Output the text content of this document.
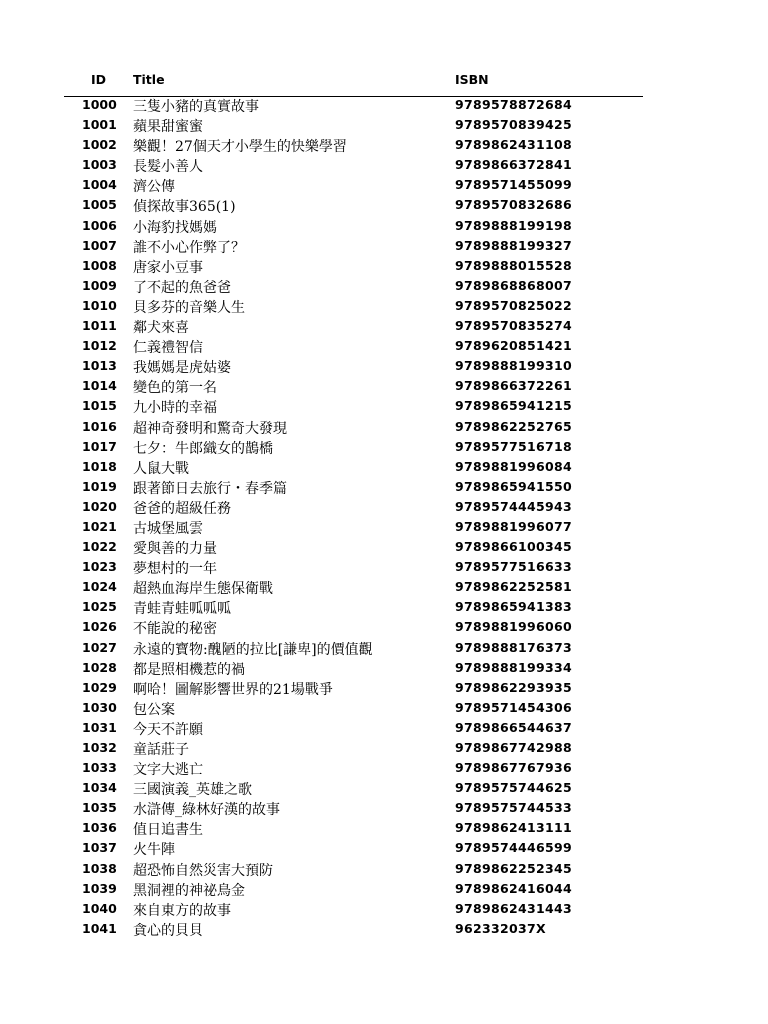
ID Title	ISBN
1000 三隻小豬的真實故事	9789578872684
1001 蘋果甜蜜蜜	9789570839425
1002 樂觀！27個天才小學生的快樂學習	9789862431108
1003 長髮小善人	9789866372841
1004 濟公傳	9789571455099
1005 偵探故事365(1)	9789570832686
1006 小海豹找媽媽	9789888199198
1007 誰不小心作弊了？	9789888199327
1008 唐家小豆事	9789888015528
1009 了不起的魚爸爸	9789868868007
1010 貝多芬的音樂人生	9789570825022
1011 鄰犬來喜	9789570835274
1012 仁義禮智信	9789620851421
1013 我媽媽是虎姑婆	9789888199310
1014 變色的第一名	9789866372261
1015 九小時的幸福	9789865941215
1016 超神奇發明和驚奇大發現	9789862252765
1017 七夕：牛郎織女的鵲橋	9789577516718
1018 人鼠大戰	9789881996084
1019 跟著節日去旅行・春季篇	9789865941550
1020 爸爸的超級任務	9789574445943
1021 古城堡風雲	9789881996077
1022 愛與善的力量	9789866100345
1023 夢想村的一年	9789577516633
1024 超熱血海岸生態保衛戰	9789862252581
1025 青蛙青蛙呱呱呱	9789865941383
1026 不能說的秘密	9789881996060
1027 永遠的寶物:醜陋的拉比[謙卑]的價值觀	9789888176373
1028 都是照相機惹的禍	9789888199334
1029 啊哈！圖解影響世界的21場戰爭	9789862293935
1030 包公案	9789571454306
1031 今天不許願	9789866544637
1032 童話莊子	9789867742988
1033 文字大逃亡	9789867767936
1034 三國演義_英雄之歌	9789575744625
1035 水滸傳_綠林好漢的故事	9789575744533
1036 值日追書生	9789862413111
1037 火牛陣	9789574446599
1038 超恐怖自然災害大預防	9789862252345
1039 黑洞裡的神祕鳥金	9789862416044
1040 來自東方的故事	9789862431443
1041 貪心的貝貝	962332037X
